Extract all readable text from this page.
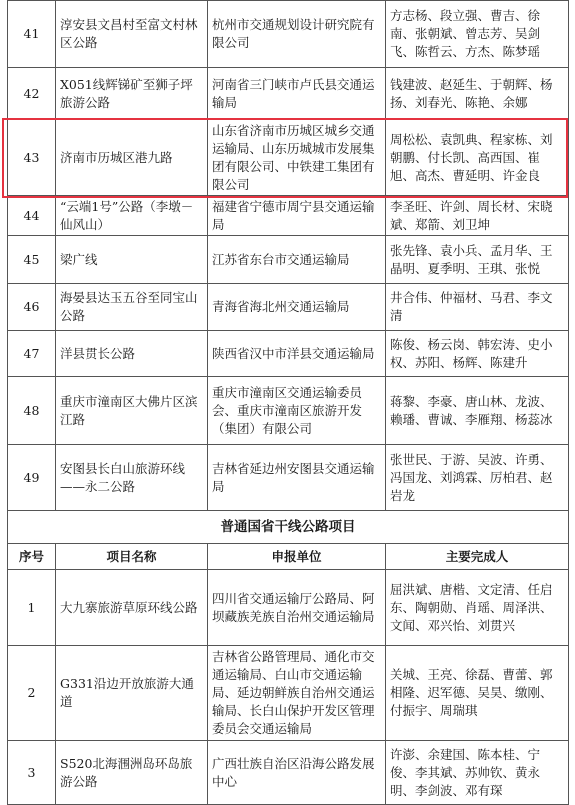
41	淳安县文昌村至富文村林区公路	杭州市交通规划设计研究院有限公司	方志杨、段立强、曹吉、徐南、张朝斌、曾志芳、吴剑飞、陈哲云、方杰、陈梦瑶
42	X051线辉锑矿至狮子坪旅游公路	河南省三门峡市卢氏县交通运输局	钱建波、赵延生、于朝辉、杨扬、刘春光、陈艳、余娜
43	济南市历城区港九路	山东省济南市历城区城乡交通运输局、山东历城城市发展集团有限公司、中铁建工集团有限公司	周松松、袁凯典、程家栋、刘朝鹏、付长凯、高西国、崔旭、高杰、曹延明、许金良
44	“云端1号”公路（李墩－仙风山）	福建省宁德市周宁县交通运输局	李圣旺、许剑、周长材、宋晓斌、郑箭、刘卫坤
45	梁广线	江苏省东台市交通运输局	张先锋、袁小兵、孟月华、王晶明、夏季明、王琪、张悦
46	海晏县达玉五谷至同宝山公路	青海省海北州交通运输局	井合伟、仲福材、马君、李文清
47	洋县贯长公路	陕西省汉中市洋县交通运输局	陈俊、杨云岗、韩宏涛、史小权、苏阳、杨辉、陈建升
48	重庆市潼南区大佛片区滨江路	重庆市潼南区交通运输委员会、重庆市潼南区旅游开发（集团）有限公司	蒋黎、李豪、唐山林、龙波、赖璠、曹诚、李雁翔、杨蕊冰
49	安图县长白山旅游环线——永二公路	吉林省延边州安图县交通运输局	张世民、于游、吴波、许勇、冯国龙、刘鸿霖、厉柏君、赵岩龙
普通国省干线公路项目			
序号	项目名称	申报单位	主要完成人
1	大九寨旅游草原环线公路	四川省交通运输厅公路局、阿坝藏族羌族自治州交通运输局	屈洪斌、唐楷、文定清、任启东、陶朝勋、肖瑶、周泽洪、文闻、邓兴怡、刘贯兴
2	G331沿边开放旅游大通道	吉林省公路管理局、通化市交通运输局、白山市交通运输局、延边朝鲜族自治州交通运输局、长白山保护开发区管理委员会交通运输局	关城、王亮、徐磊、曹蕾、郭相隆、迟军德、吴昊、缴刚、付振宇、周瑞琪
3	S520北海涠洲岛环岛旅游公路	广西壮族自治区沿海公路发展中心	许澎、余建国、陈本桂、宁俊、李其斌、苏帅钦、黄永明、李剑波、邓有琛
